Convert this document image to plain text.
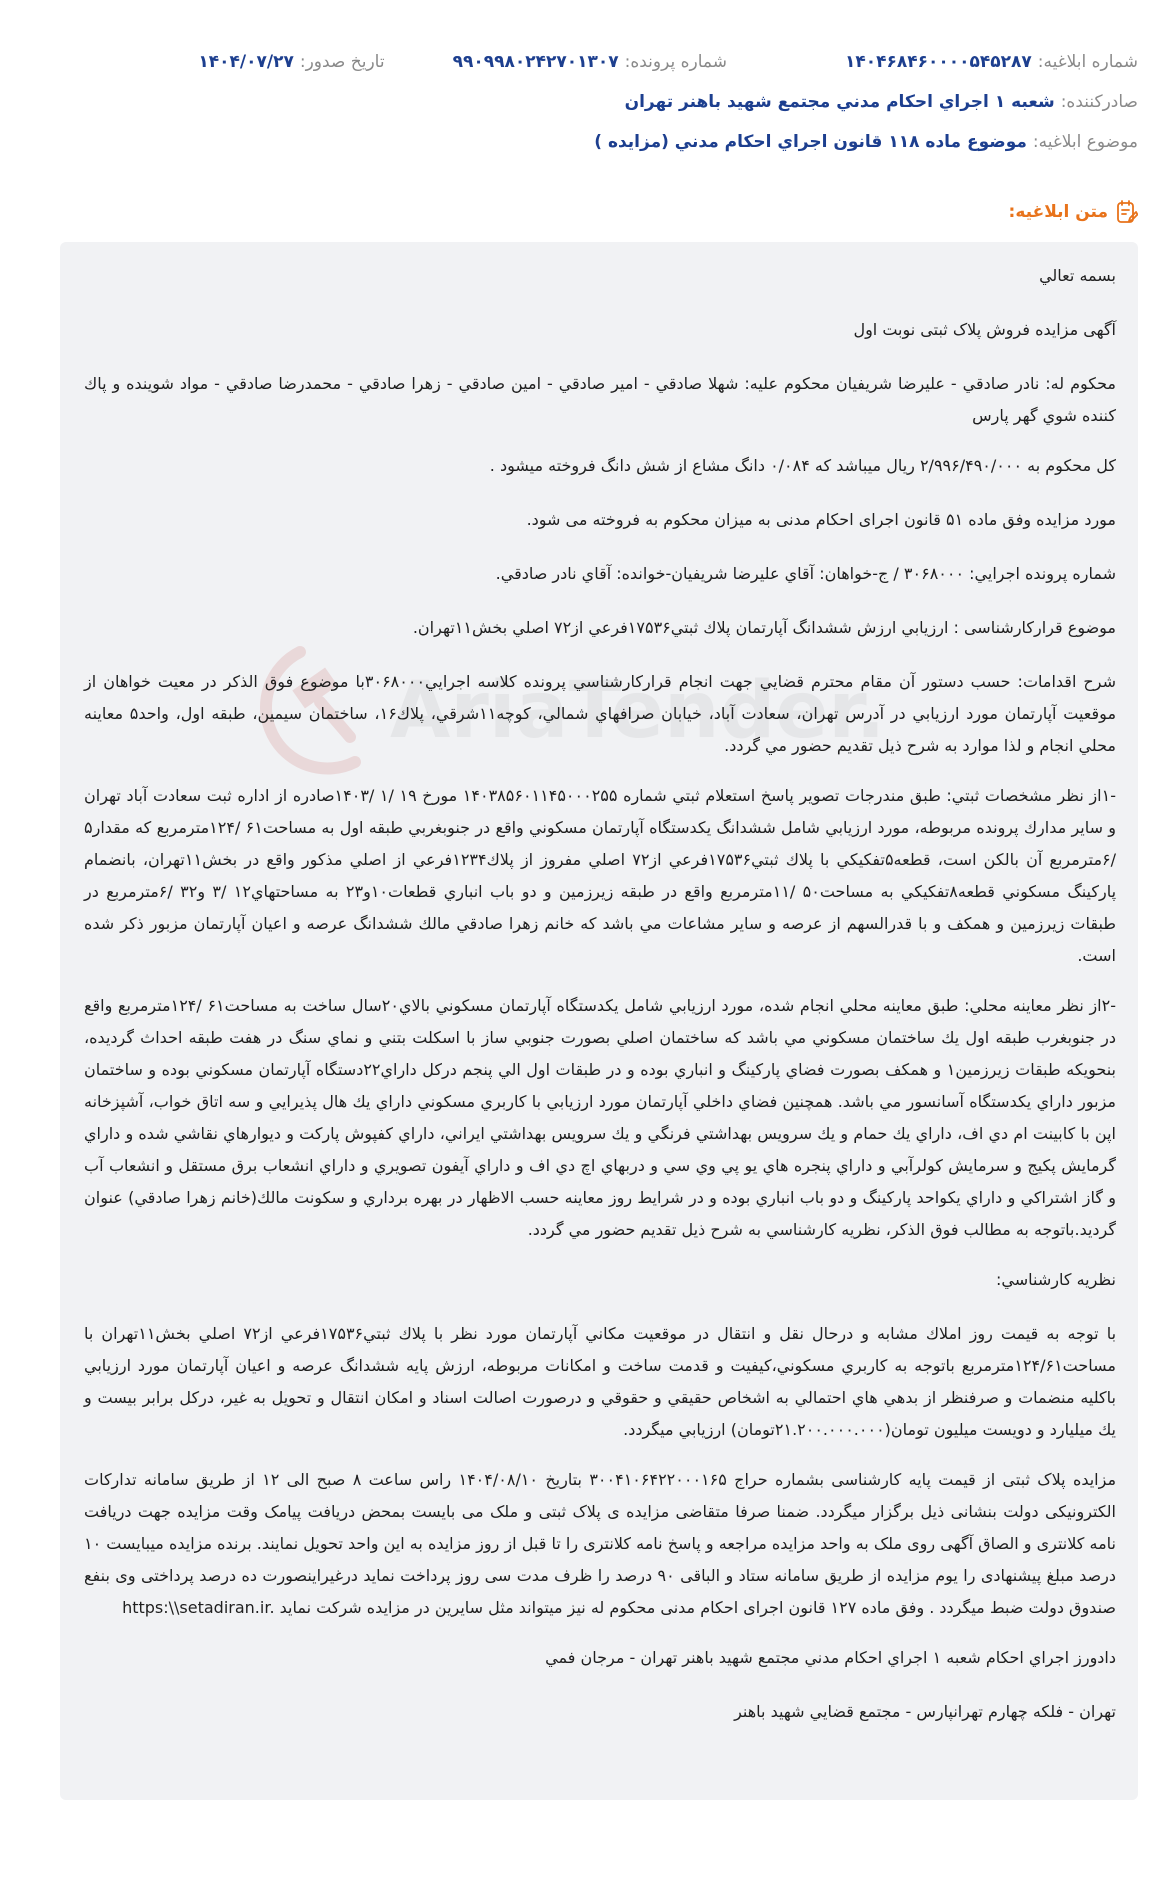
شماره ابلاغیه:
۱۴۰۴۶۸۴۶۰۰۰۰۵۴۵۲۸۷
شماره پرونده:
۹۹۰۹۹۸۰۲۴۲۷۰۱۳۰۷
تاریخ صدور:
۱۴۰۴/۰۷/۲۷
صادرکننده:
شعبه ۱ اجراي احكام مدني مجتمع شهيد باهنر تهران
موضوع ابلاغیه:
موضوع ماده ۱۱۸ قانون اجراي احكام مدني (مزايده )
متن ابلاغیه:
AriaTender

بسمه تعالي

آگهی مزایده فروش پلاک ثبتی نوبت اول

محكوم له: نادر صادقي - عليرضا شريفيان محکوم علیه: شهلا صادقي - امير صادقي - امين صادقي - زهرا صادقي - محمدرضا صادقي - مواد شوينده و پاك كننده شوي گهر پارس

کل محکوم به ۲/۹۹۶/۴۹۰/۰۰۰ ریال میباشد که ۰/۰۸۴ دانگ مشاع از شش دانگ فروخته میشود .

مورد مزایده وفق ماده ۵۱ قانون اجرای احکام مدنی به میزان محکوم به فروخته می شود.

شماره پرونده اجرايي: ۳۰۶۸۰۰۰ / ج-خواهان: آقاي عليرضا شريفيان-خوانده: آقاي نادر صادقي.

موضوع قرارکارشناسی : ارزيابي ارزش ششدانگ آپارتمان پلاك ثبتي۱۷۵۳۶فرعي از۷۲ اصلي بخش۱۱تهران.

شرح اقدامات: حسب دستور آن مقام محترم قضايي جهت انجام قرارکارشناسي پرونده كلاسه اجرايي۳۰۶۸۰۰۰با موضوع فوق الذكر در معيت خواهان از موقعيت آپارتمان مورد ارزيابي در آدرس تهران، سعادت آباد، خيابان صرافهاي شمالي، كوچه۱۱شرقي، پلاك۱۶، ساختمان سيمين، طبقه اول، واحد۵ معاينه محلي انجام و لذا موارد به شرح ذيل تقديم حضور مي گردد.

-۱از نظر مشخصات ثبتي: طبق مندرجات تصوير پاسخ استعلام ثبتي شماره ۱۴۰۳۸۵۶۰۱۱۴۵۰۰۰۲۵۵ مورخ ۱۹ /۱ /۱۴۰۳صادره از اداره ثبت سعادت آباد تهران و ساير مدارك پرونده مربوطه، مورد ارزيابي شامل ششدانگ يكدستگاه آپارتمان مسكوني واقع در جنوبغربي طبقه اول به مساحت۶۱ /۱۲۴مترمربع كه مقدار۵ /۶مترمربع آن بالكن است، قطعه۵تفكيكي با پلاك ثبتي۱۷۵۳۶فرعي از۷۲ اصلي مفروز از پلاك۱۲۳۴فرعي از اصلي مذكور واقع در بخش۱۱تهران، بانضمام پاركينگ مسكوني قطعه۸تفكيكي به مساحت۵۰ /۱۱مترمربع واقع در طبقه زيرزمين و دو باب انباري قطعات۱۰و۲۳ به مساحتهاي۱۲ /۳ و۳۲ /۶مترمربع در طبقات زيرزمين و همكف و با قدرالسهم از عرصه و ساير مشاعات مي باشد كه خانم زهرا صادقي مالك ششدانگ عرصه و اعيان آپارتمان مزبور ذكر شده است.

-۲از نظر معاينه محلي: طبق معاينه محلي انجام شده، مورد ارزيابي شامل يكدستگاه آپارتمان مسكوني بالاي۲۰سال ساخت به مساحت۶۱ /۱۲۴مترمربع واقع در جنوبغرب طبقه اول يك ساختمان مسكوني مي باشد كه ساختمان اصلي بصورت جنوبي ساز با اسكلت بتني و نماي سنگ در هفت طبقه احداث گرديده، بنحويكه طبقات زيرزمين۱ و همكف بصورت فضاي پاركينگ و انباري بوده و در طبقات اول الي پنجم دركل داراي۲۲دستگاه آپارتمان مسكوني بوده و ساختمان مزبور داراي يكدستگاه آسانسور مي باشد. همچنين فضاي داخلي آپارتمان مورد ارزيابي با كاربري مسكوني داراي يك هال پذيرايي و سه اتاق خواب، آشپزخانه اپن با كابينت ام دي اف، داراي يك حمام و يك سرويس بهداشتي فرنگي و يك سرويس بهداشتي ايراني، داراي كفپوش پاركت و ديوارهاي نقاشي شده و داراي گرمايش پكيج و سرمايش كولرآبي و داراي پنجره هاي يو پي وي سي و دربهاي اچ دي اف و داراي آيفون تصويري و داراي انشعاب برق مستقل و انشعاب آب و گاز اشتراكي و داراي يكواحد پاركينگ و دو باب انباري بوده و در شرايط روز معاينه حسب الاظهار در بهره برداري و سكونت مالك(خانم زهرا صادقي) عنوان گرديد.باتوجه به مطالب فوق الذكر، نظريه كارشناسي به شرح ذيل تقديم حضور مي گردد.

نظريه کارشناسي:

با توجه به قيمت روز املاك مشابه و درحال نقل و انتقال در موقعيت مكاني آپارتمان مورد نظر با پلاك ثبتي۱۷۵۳۶فرعي از۷۲ اصلي بخش۱۱تهران با مساحت۱۲۴/۶۱مترمربع باتوجه به كاربري مسكوني،كيفيت و قدمت ساخت و امكانات مربوطه، ارزش پايه ششدانگ عرصه و اعيان آپارتمان مورد ارزيابي باكليه منضمات و صرفنظر از بدهي هاي احتمالي به اشخاص حقيقي و حقوقي و درصورت اصالت اسناد و امكان انتقال و تحويل به غير، دركل برابر بيست و يك ميليارد و دويست ميليون تومان(۲۱.۲۰۰.۰۰۰.۰۰۰تومان) ارزيابي ميگردد.

مزایده پلاک ثبتی از قیمت پایه کارشناسی بشماره حراج ۳۰۰۴۱۰۶۴۲۲۰۰۰۱۶۵ بتاریخ ۱۴۰۴/۰۸/۱۰ راس ساعت ۸ صبح الی ۱۲ از طریق سامانه تدارکات الکترونیکی دولت بنشانی ذیل برگزار میگردد. ضمنا صرفا متقاضی مزایده ی پلاک ثبتی و ملک می بایست بمحض دریافت پیامک وقت مزایده جهت دریافت نامه کلانتری و الصاق آگهی روی ملک به واحد مزایده مراجعه و پاسخ نامه کلانتری را تا قبل از روز مزایده به این واحد تحویل نمایند. برنده مزایده میبایست ۱۰ درصد مبلغ پیشنهادی را یوم مزایده از طریق سامانه ستاد و الباقی ۹۰ درصد را ظرف مدت سی روز پرداخت نماید درغیراینصورت ده درصد پرداختی وی بنفع صندوق دولت ضبط میگردد . وفق ماده ۱۲۷ قانون اجرای احکام مدنی محکوم له نیز میتواند مثل سایرین در مزایده شرکت نماید https:\\setadiran.ir.

دادورز اجراي احكام شعبه ۱ اجراي احكام مدني مجتمع شهيد باهنر تهران - مرجان فمي

تهران - فلكه چهارم تهرانپارس - مجتمع قضايي شهيد باهنر
